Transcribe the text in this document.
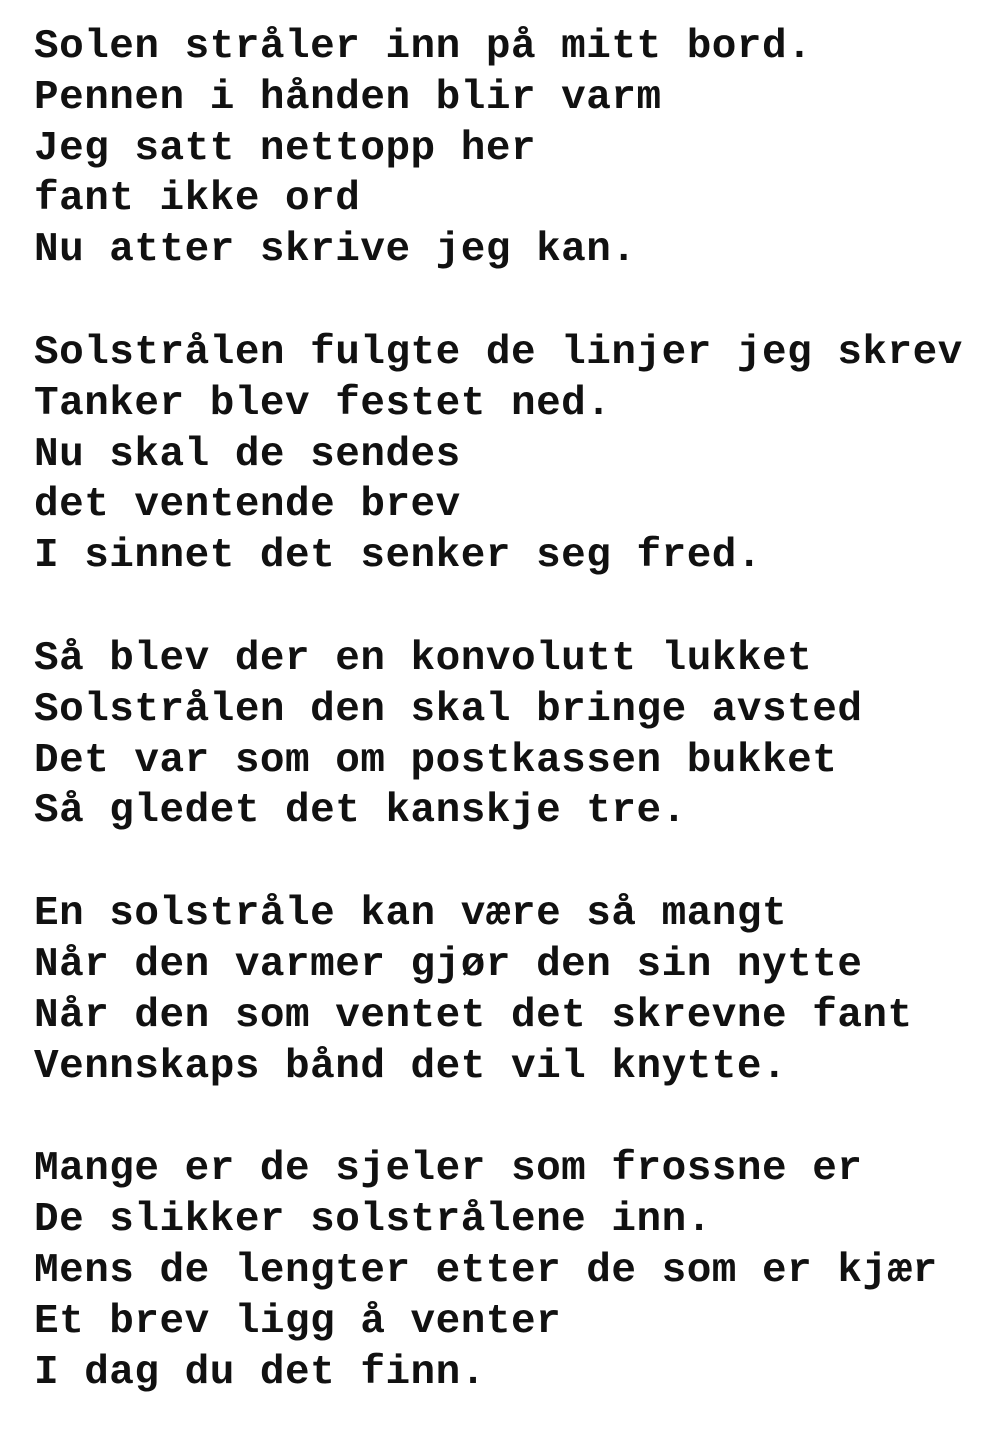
Solen stråler inn på mitt bord.
Pennen i hånden blir varm
Jeg satt nettopp her
fant ikke ord
Nu atter skrive jeg kan.
Solstrålen fulgte de linjer jeg skrev
Tanker blev festet ned.
Nu skal de sendes
det ventende brev
I sinnet det senker seg fred.
Så blev der en konvolutt lukket
Solstrålen den skal bringe avsted
Det var som om postkassen bukket
Så gledet det kanskje tre.
En solstråle kan være så mangt
Når den varmer gjør den sin nytte
Når den som ventet det skrevne fant
Vennskaps bånd det vil knytte.
Mange er de sjeler som frossne er
De slikker solstrålene inn.
Mens de lengter etter de som er kjær
Et brev ligg å venter
I dag du det finn.
